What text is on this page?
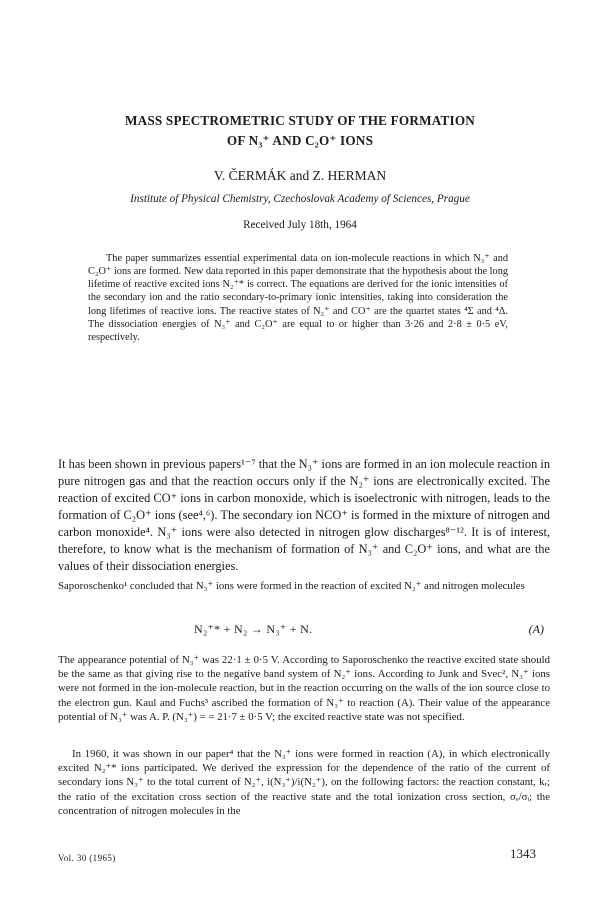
MASS SPECTROMETRIC STUDY OF THE FORMATION
OF N₃⁺ AND C₂O⁺ IONS
V. ČERMÁK and Z. HERMAN
Institute of Physical Chemistry, Czechoslovak Academy of Sciences, Prague
Received July 18th, 1964

The paper summarizes essential experimental data on ion-molecule reactions in which N₃⁺ and C₂O⁺ ions are formed. New data reported in this paper demonstrate that the hypothesis about the long lifetime of reactive excited ions N₂⁺* is correct. The equations are derived for the ionic intensities of the secondary ion and the ratio secondary-to-primary ionic intensities, taking into consideration the long lifetimes of reactive ions. The reactive states of N₂⁺ and CO⁺ are the quartet states ⁴Σ and ⁴Δ. The dissociation energies of N₃⁺ and C₂O⁺ are equal to or higher than 3·26 and 2·8 ± 0·5 eV, respectively.

It has been shown in previous papers¹⁻⁷ that the N₃⁺ ions are formed in an ion molecule reaction in pure nitrogen gas and that the reaction occurs only if the N₂⁺ ions are electronically excited. The reaction of excited CO⁺ ions in carbon monoxide, which is isoelectronic with nitrogen, leads to the formation of C₂O⁺ ions (see⁴,⁶). The secondary ion NCO⁺ is formed in the mixture of nitrogen and carbon monoxide⁴. N₃⁺ ions were also detected in nitrogen glow discharges⁸⁻¹². It is of interest, therefore, to know what is the mechanism of formation of N₃⁺ and C₂O⁺ ions, and what are the values of their dissociation energies.

Saporoschenko¹ concluded that N₃⁺ ions were formed in the reaction of excited N₂⁺ and nitrogen molecules

N₂⁺* + N₂ → N₃⁺ + N.	(A)

The appearance potential of N₃⁺ was 22·1 ± 0·5 V. According to Saporoschenko the reactive excited state should be the same as that giving rise to the negative band system of N₂⁺ ions. According to Junk and Svec², N₃⁺ ions were not formed in the ion-molecule reaction, but in the reaction occurring on the walls of the ion source close to the electron gun. Kaul and Fuchs³ ascribed the formation of N₃⁺ to reaction (A). Their value of the appearance potential of N₃⁺ was A. P. (N₃⁺) = = 21·7 ± 0·5 V; the excited reactive state was not specified.

In 1960, it was shown in our paper⁴ that the N₃⁺ ions were formed in reaction (A), in which electronically excited N₂⁺* ions participated. We derived the expression for the dependence of the ratio of the current of secondary ions N₃⁺ to the total current of N₂⁺, i(N₃⁺)/i(N₂⁺), on the following factors: the reaction constant, kᵣ; the ratio of the excitation cross section of the reactive state and the total ionization cross section, σₑ/σᵢ; the concentration of nitrogen molecules in the

Vol. 30 (1965)	1343
